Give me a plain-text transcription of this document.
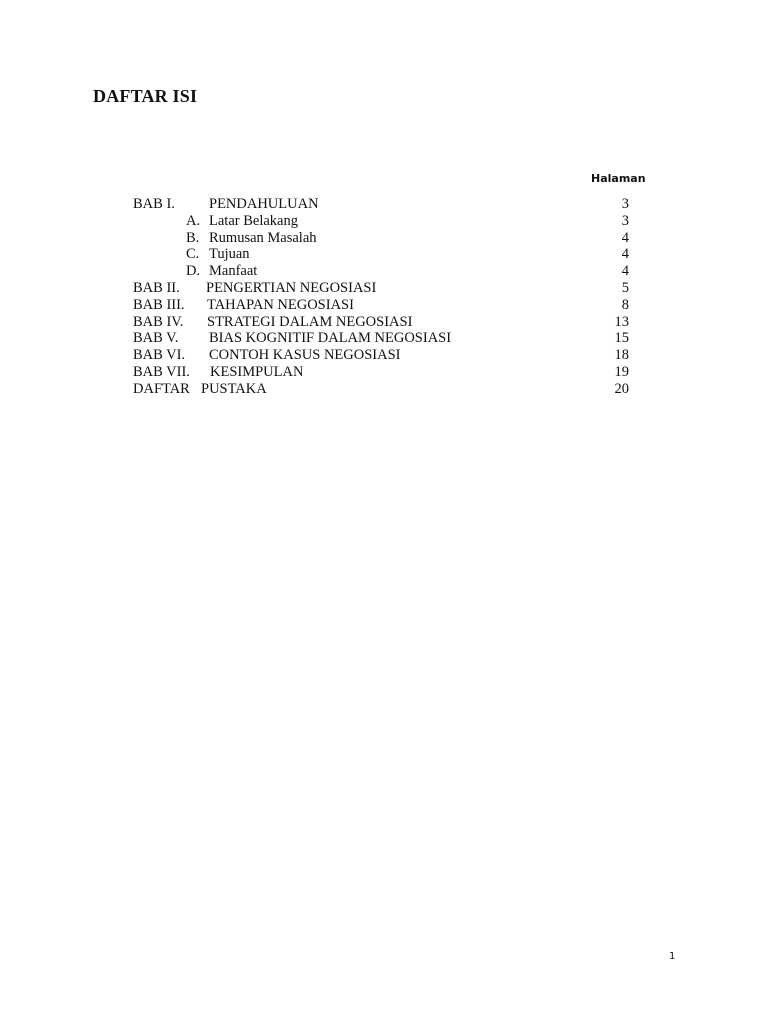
DAFTAR ISI
Halaman
BAB I. PENDAHULUAN	3
A. Latar Belakang	3
B. Rumusan Masalah	4
C. Tujuan	4
D. Manfaat	4
BAB II. PENGERTIAN NEGOSIASI	5
BAB III. TAHAPAN NEGOSIASI	8
BAB IV. STRATEGI DALAM NEGOSIASI	13
BAB V. BIAS KOGNITIF DALAM NEGOSIASI	15
BAB VI. CONTOH KASUS NEGOSIASI	18
BAB VII. KESIMPULAN	19
DAFTAR PUSTAKA	20
1
